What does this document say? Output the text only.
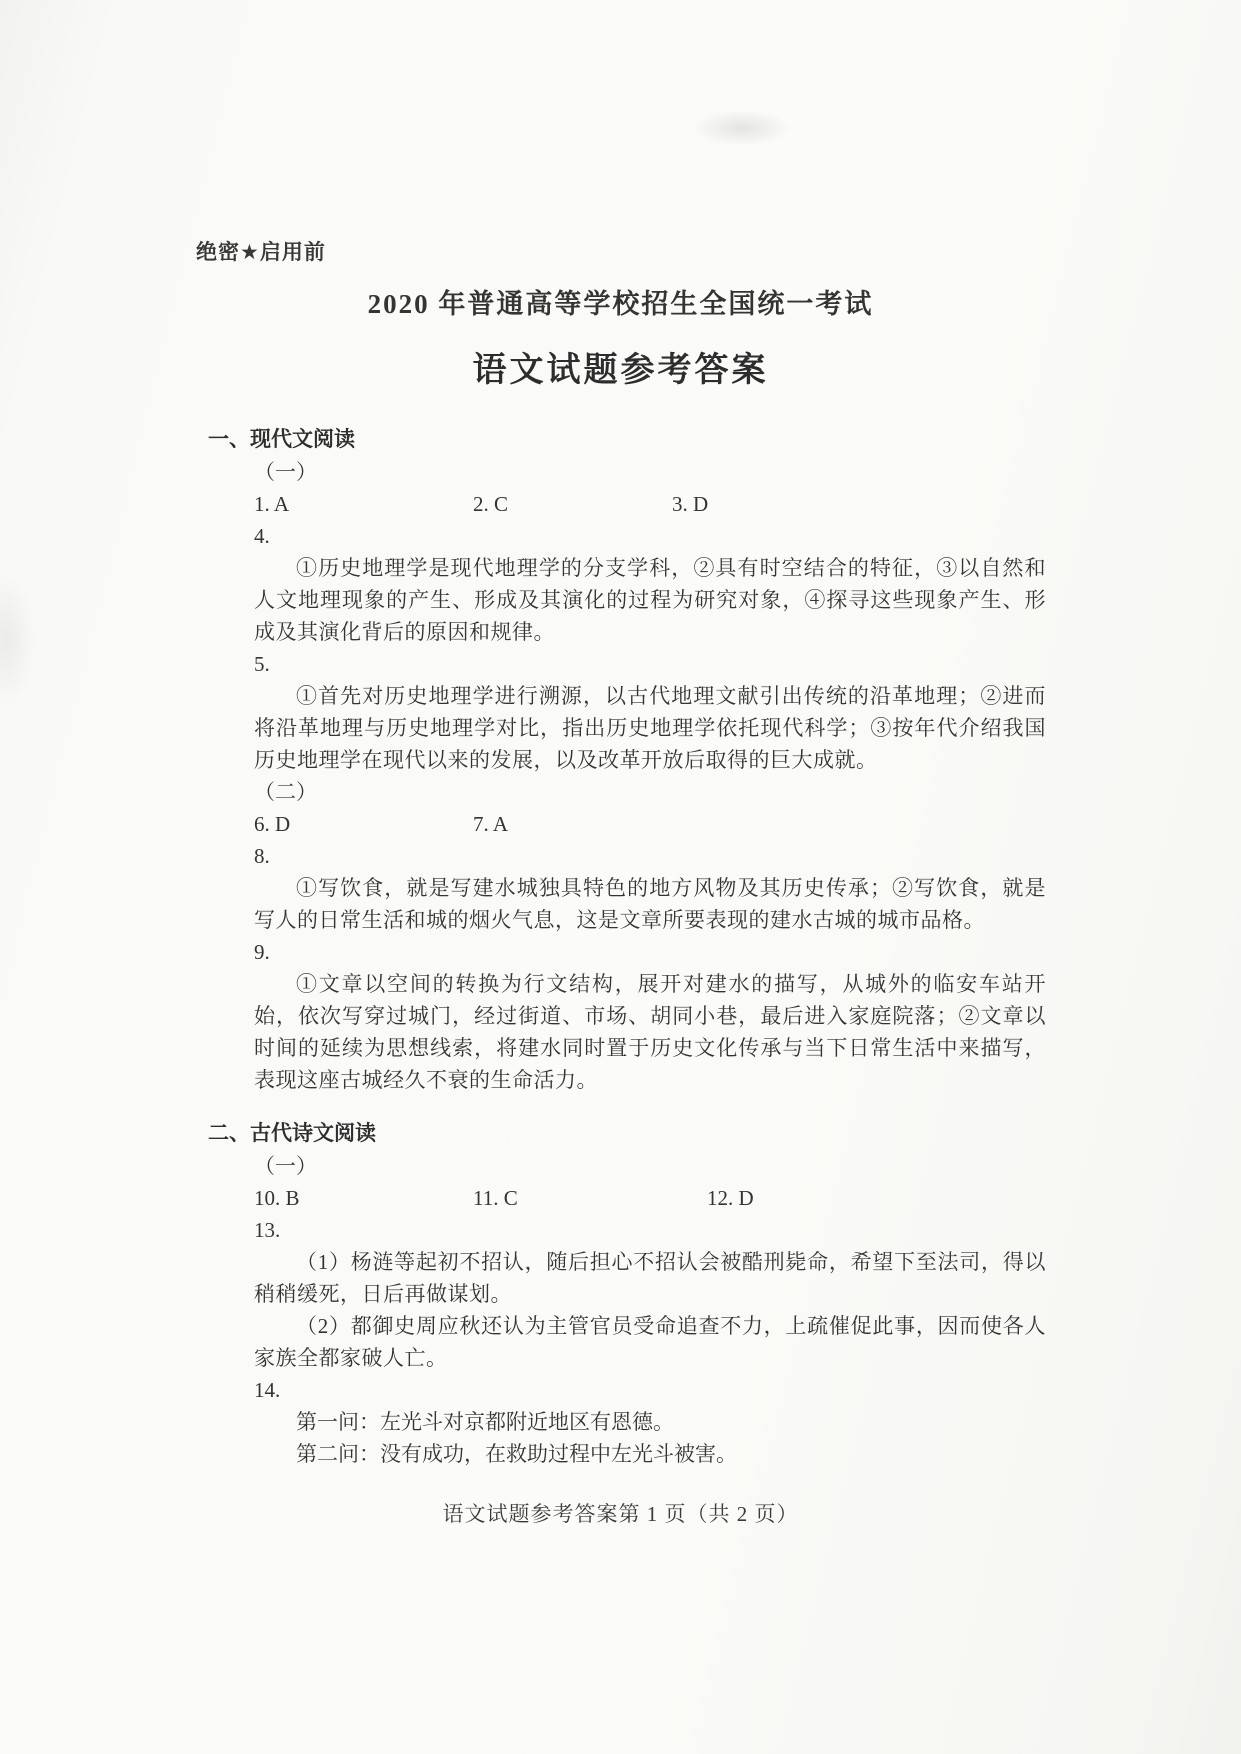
绝密★启用前
2020 年普通高等学校招生全国统一考试
语文试题参考答案
一、现代文阅读
（一）
1. A	2. C	3. D
4.

①历史地理学是现代地理学的分支学科，②具有时空结合的特征，③以自然和人文地理现象的产生、形成及其演化的过程为研究对象，④探寻这些现象产生、形成及其演化背后的原因和规律。

5.

①首先对历史地理学进行溯源，以古代地理文献引出传统的沿革地理；②进而将沿革地理与历史地理学对比，指出历史地理学依托现代科学；③按年代介绍我国历史地理学在现代以来的发展，以及改革开放后取得的巨大成就。

（二）
6. D	7. A
8.

①写饮食，就是写建水城独具特色的地方风物及其历史传承；②写饮食，就是写人的日常生活和城的烟火气息，这是文章所要表现的建水古城的城市品格。

9.

①文章以空间的转换为行文结构，展开对建水的描写，从城外的临安车站开始，依次写穿过城门，经过街道、市场、胡同小巷，最后进入家庭院落；②文章以时间的延续为思想线索，将建水同时置于历史文化传承与当下日常生活中来描写，表现这座古城经久不衰的生命活力。

二、古代诗文阅读
（一）
10. B	11. C	12. D
13.

（1）杨涟等起初不招认，随后担心不招认会被酷刑毙命，希望下至法司，得以稍稍缓死，日后再做谋划。

（2）都御史周应秋还认为主管官员受命追查不力，上疏催促此事，因而使各人家族全都家破人亡。

14.

第一问：左光斗对京都附近地区有恩德。

第二问：没有成功，在救助过程中左光斗被害。

语文试题参考答案第 1 页（共 2 页）
